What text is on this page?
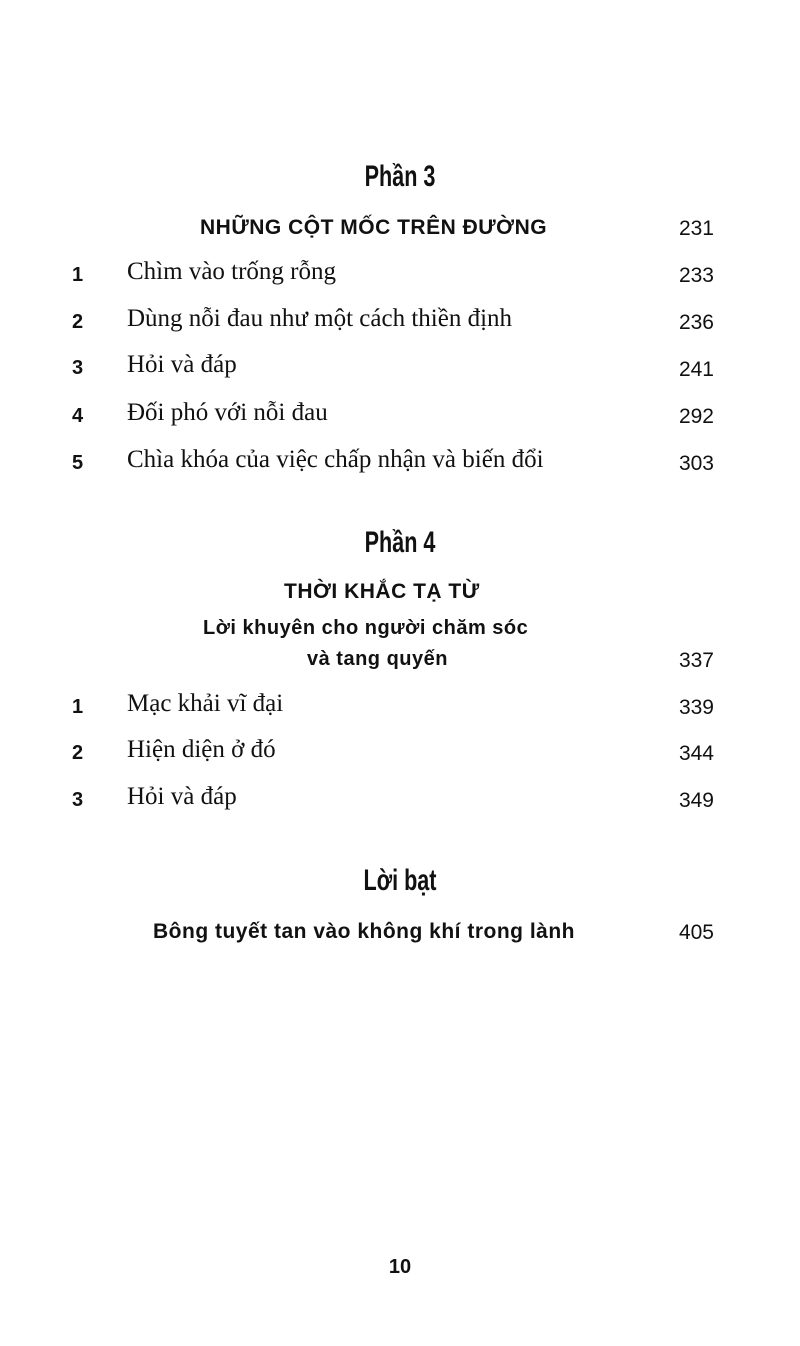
Phần 3
NHỮNG CỘT MỐC TRÊN ĐƯỜNG	231
1 Chìm vào trống rỗng	233
2 Dùng nỗi đau như một cách thiền định	236
3 Hỏi và đáp	241
4 Đối phó với nỗi đau	292
5 Chìa khóa của việc chấp nhận và biến đổi	303
Phần 4
THỜI KHẮC TẠ TỪ
Lời khuyên cho người chăm sóc
và tang quyến	337
1 Mạc khải vĩ đại	339
2 Hiện diện ở đó	344
3 Hỏi và đáp	349
Lời bạt
Bông tuyết tan vào không khí trong lành	405
10
